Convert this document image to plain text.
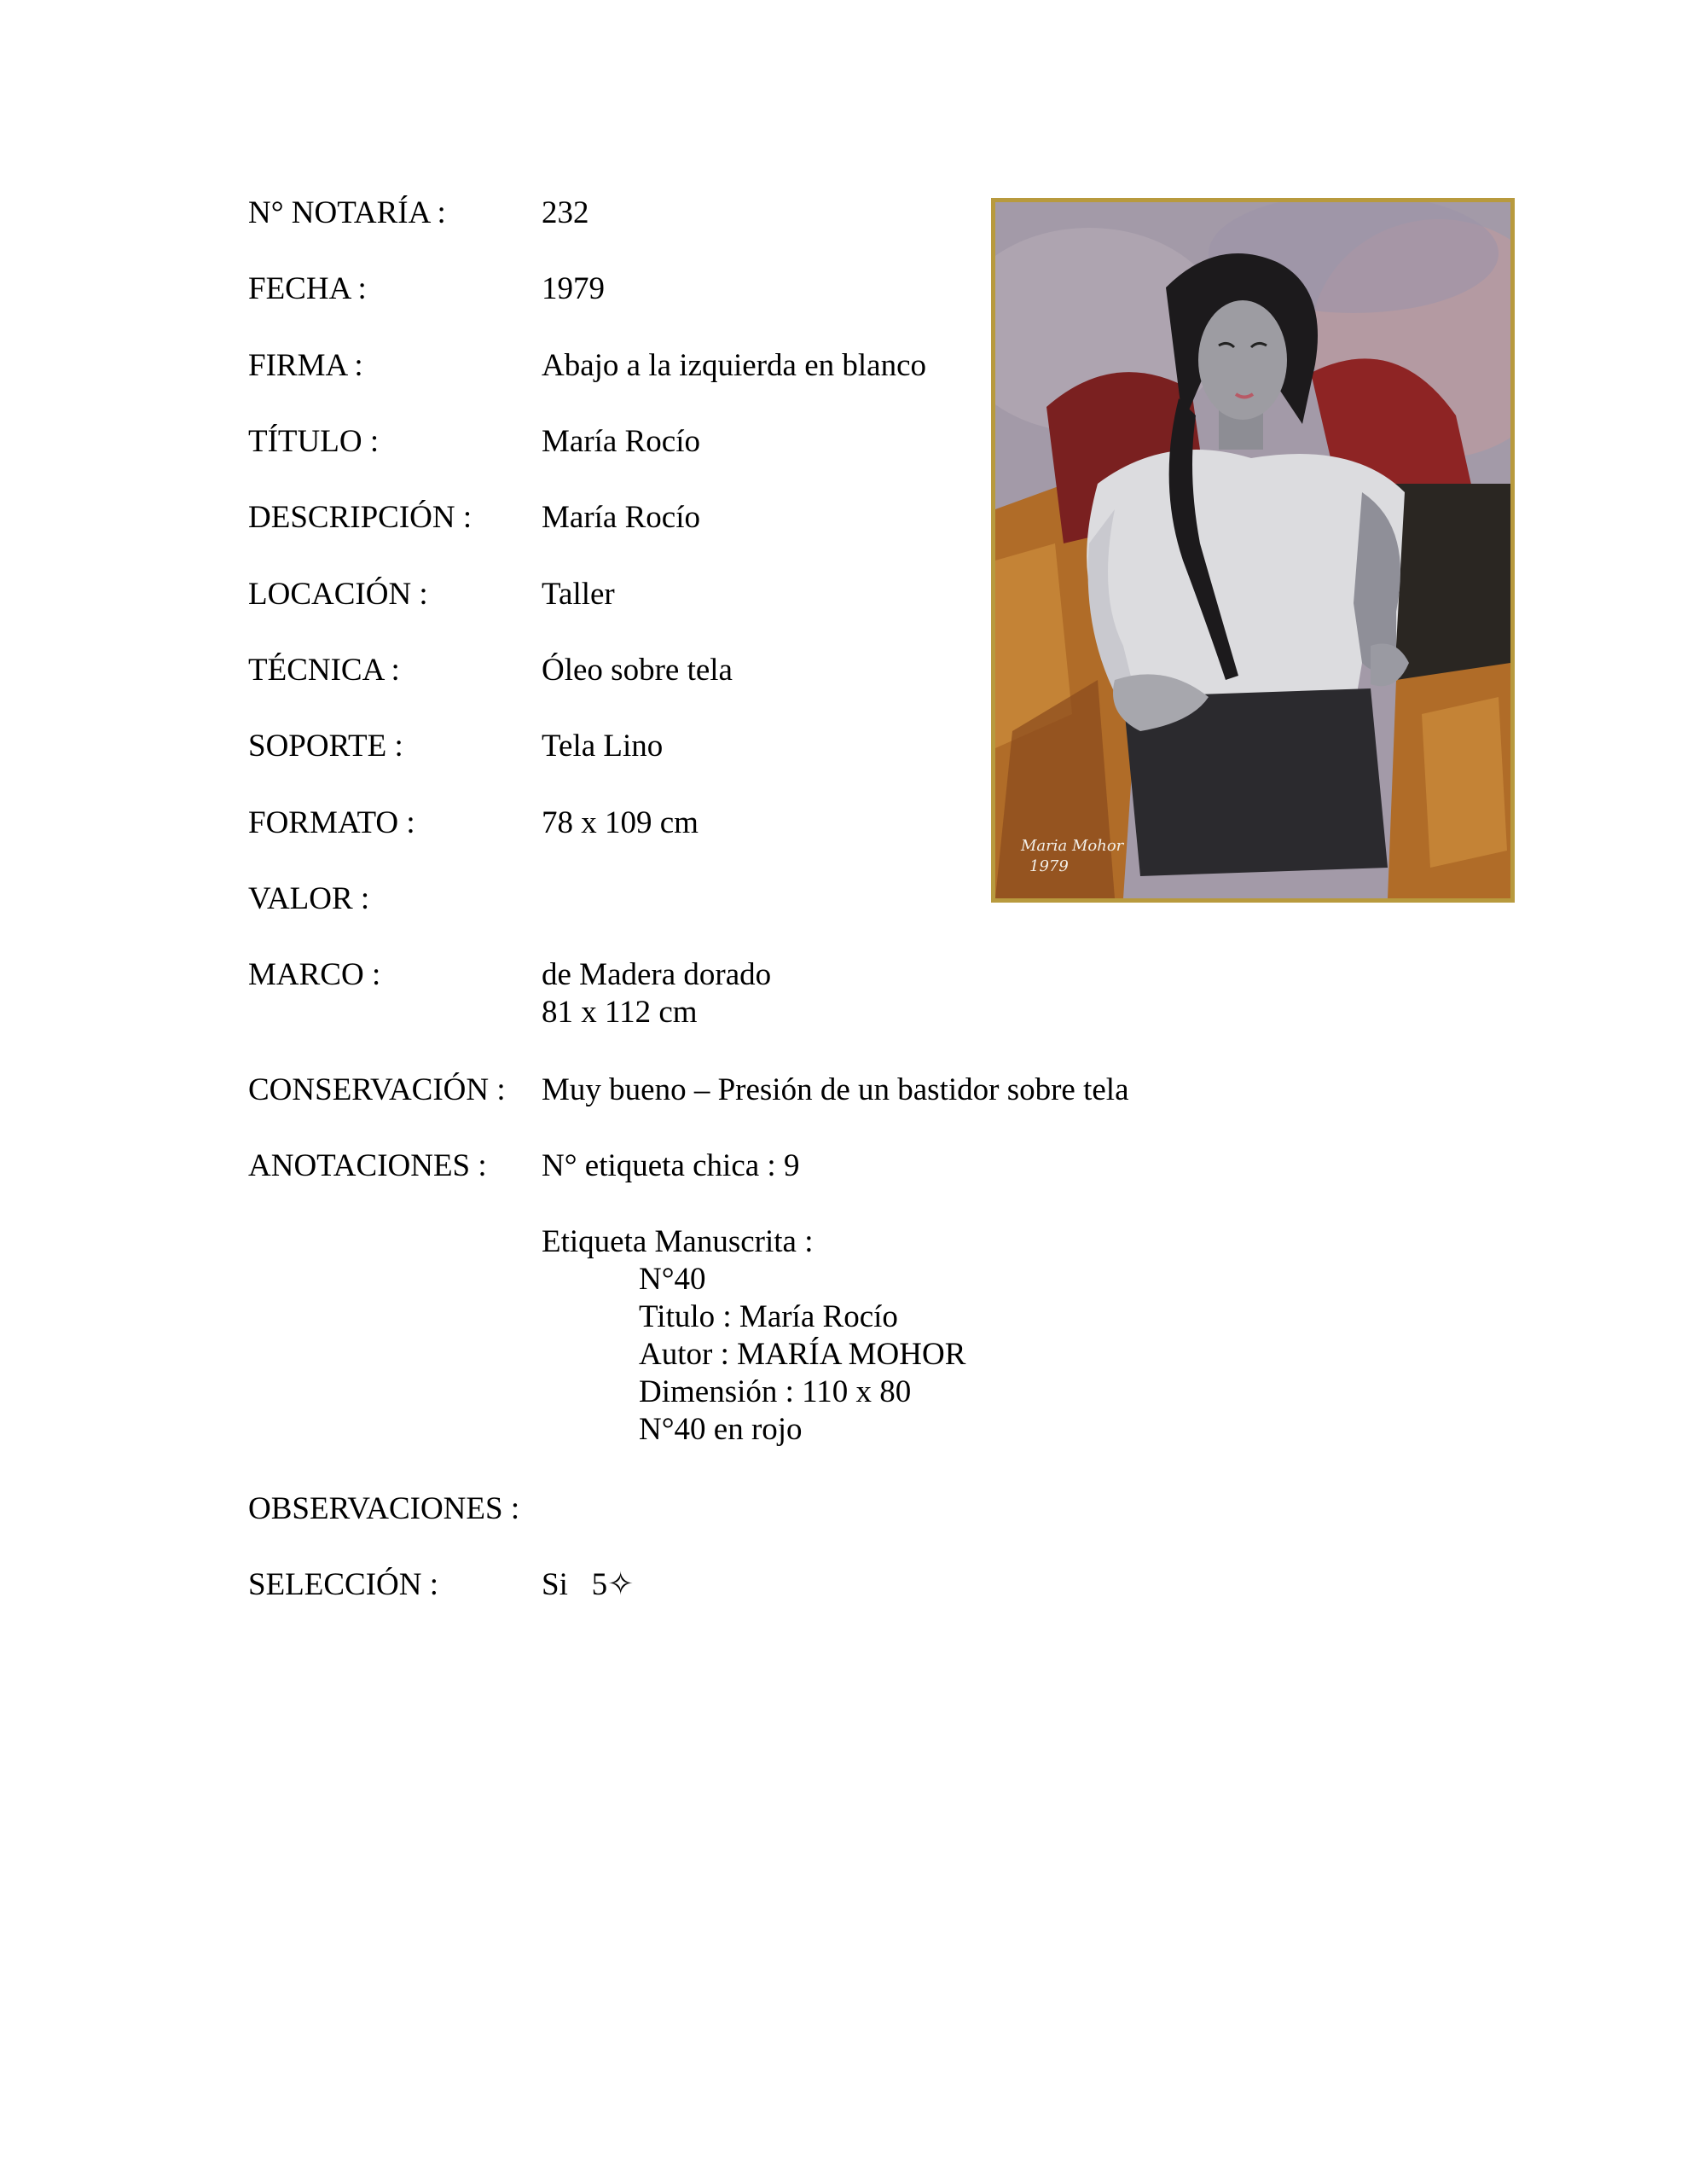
N° NOTARÍA :	232
FECHA :	1979
FIRMA :	Abajo a la izquierda en blanco
TÍTULO :	María Rocío
DESCRIPCIÓN : María Rocío
LOCACIÓN :	Taller
TÉCNICA :	Óleo sobre tela
SOPORTE :	Tela Lino
FORMATO :	78 x 109 cm
VALOR :
MARCO :	de Madera dorado
81 x 112 cm
CONSERVACIÓN : Muy bueno – Presión de un bastidor sobre tela
ANOTACIONES : N° etiqueta chica : 9
Etiqueta Manuscrita :
N°40
Titulo : María Rocío
Autor : MARÍA MOHOR
Dimensión : 110 x 80
N°40 en rojo
OBSERVACIONES :
SELECCIÓN :	Si   5✧
Maria Mohor
1979
